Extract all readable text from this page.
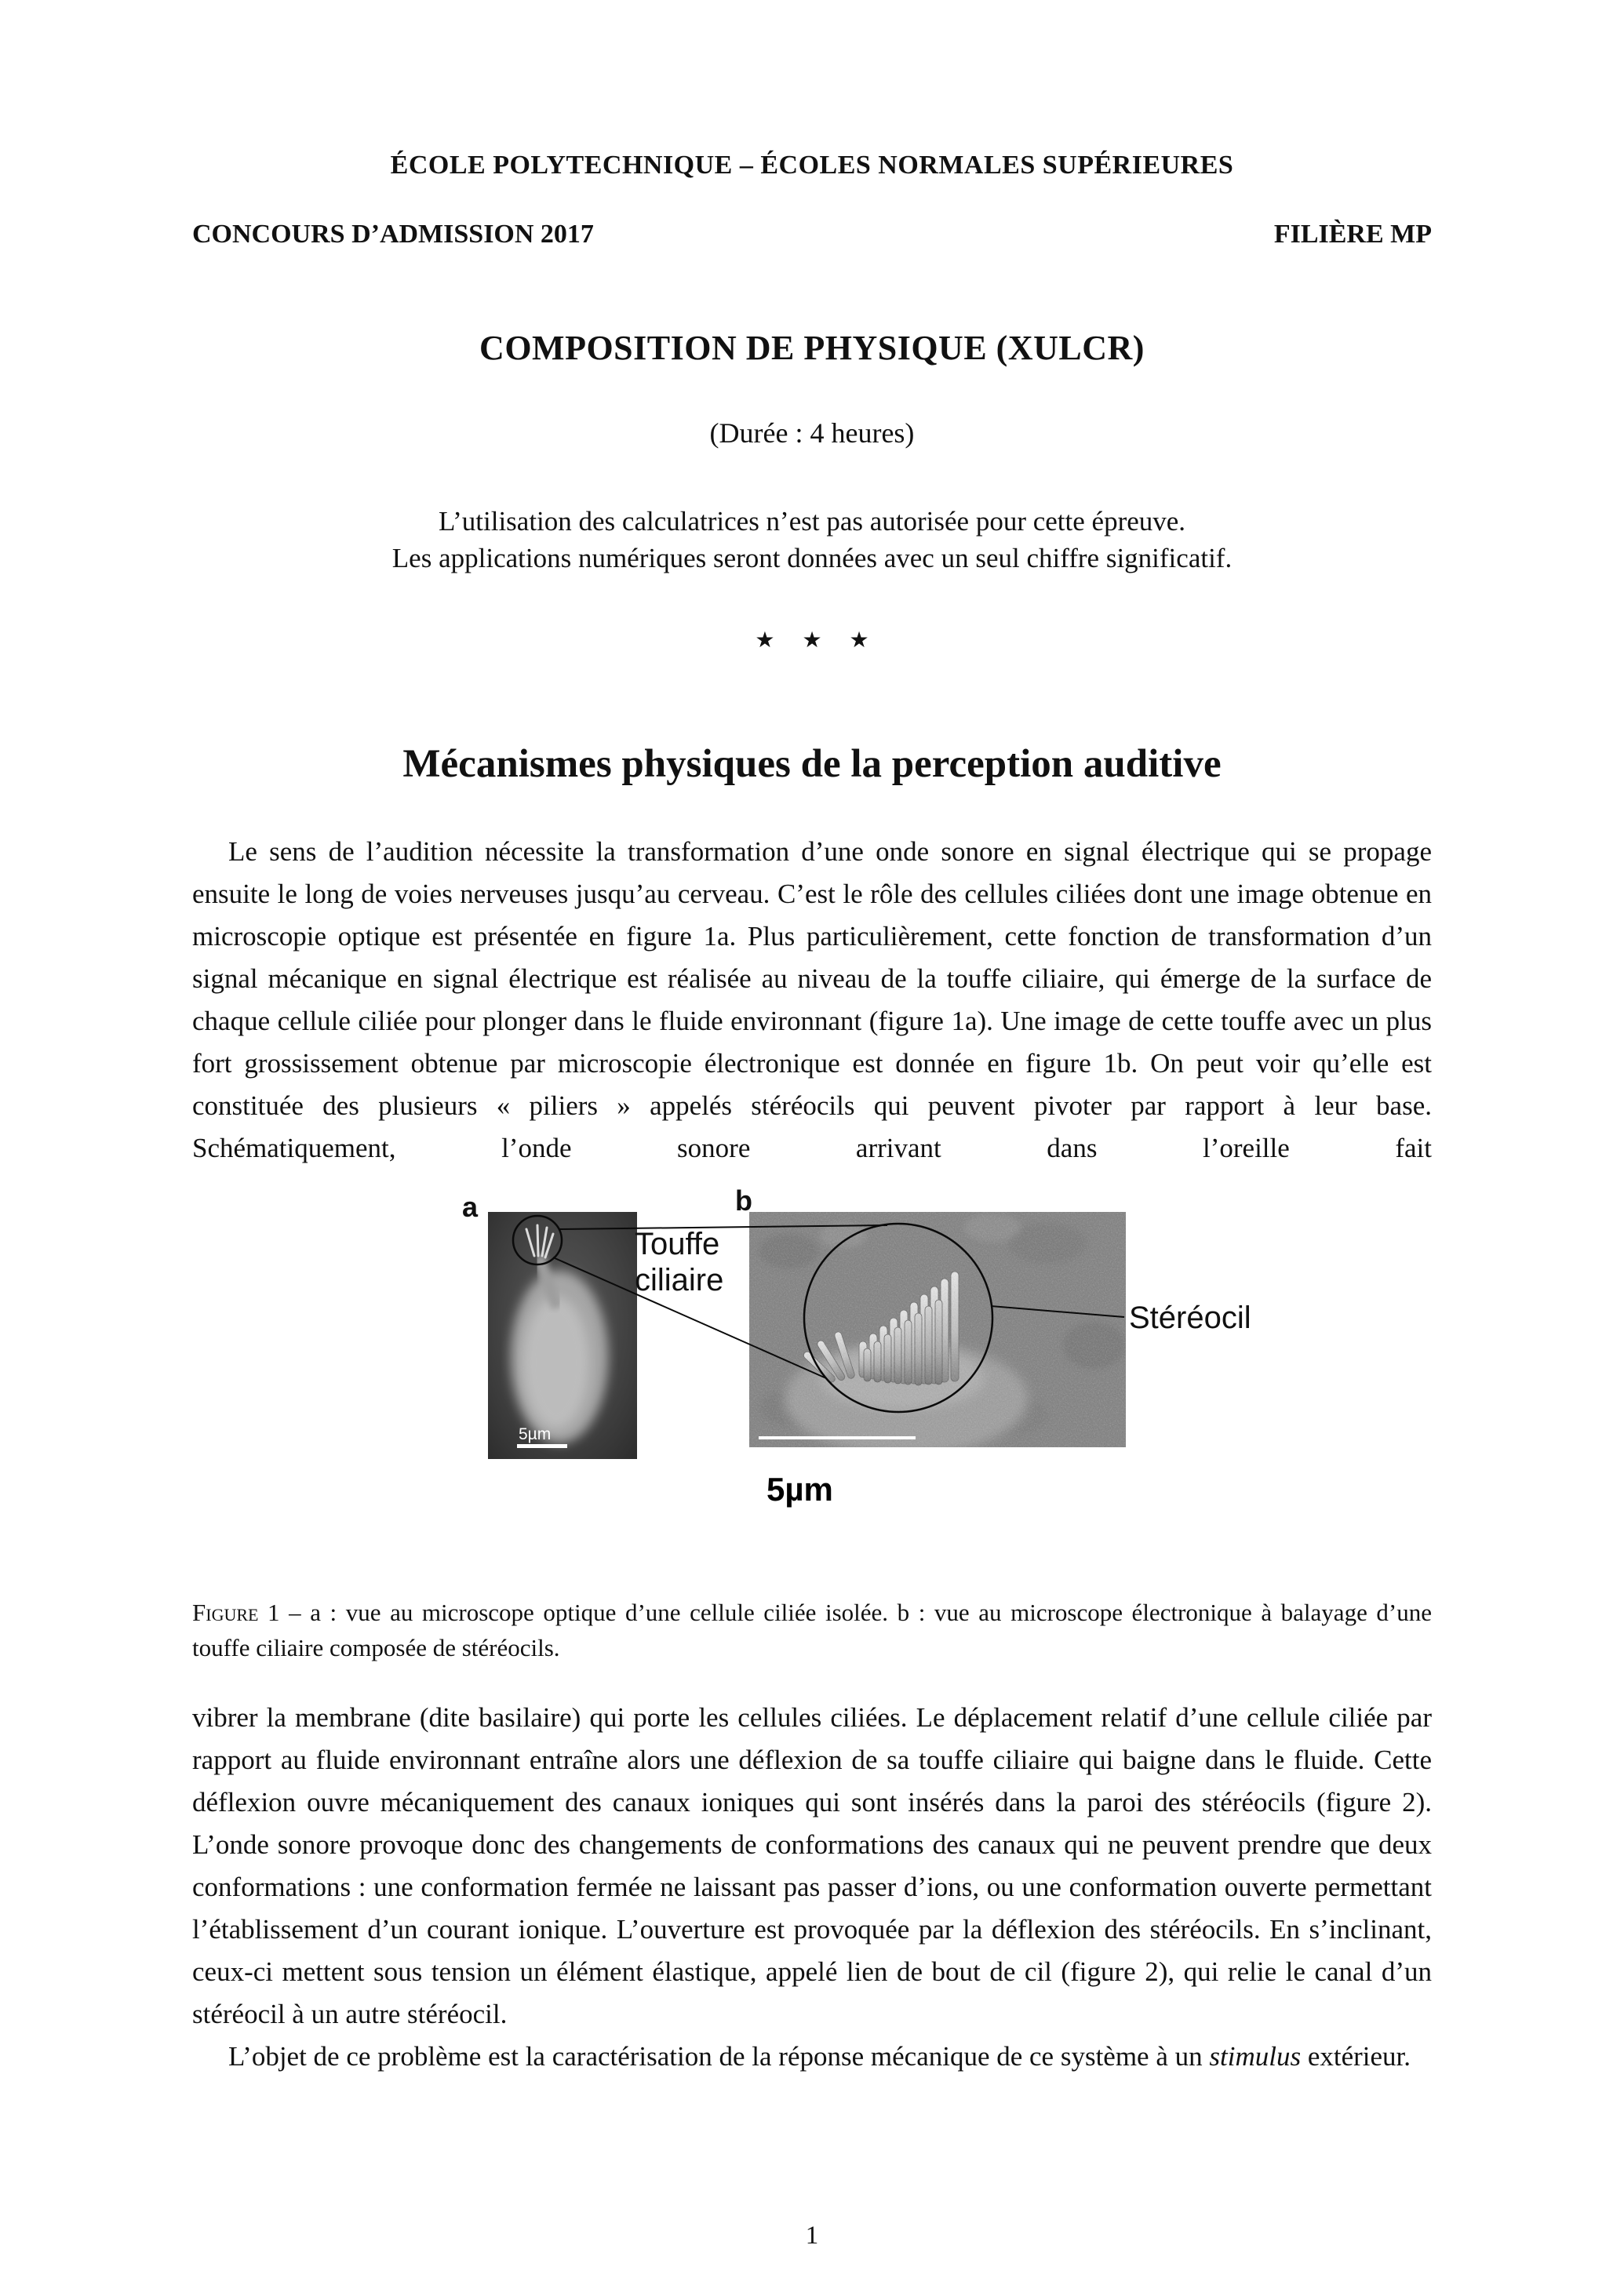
ÉCOLE POLYTECHNIQUE – ÉCOLES NORMALES SUPÉRIEURES
CONCOURS D’ADMISSION 2017	FILIÈRE MP
COMPOSITION DE PHYSIQUE (XULCR)
(Durée : 4 heures)
L’utilisation des calculatrices n’est pas autorisée pour cette épreuve.
Les applications numériques seront données avec un seul chiffre significatif.
★ ★ ★
Mécanismes physiques de la perception auditive

Le sens de l’audition nécessite la transformation d’une onde sonore en signal électrique qui se propage ensuite le long de voies nerveuses jusqu’au cerveau. C’est le rôle des cellules ciliées dont une image obtenue en microscopie optique est présentée en figure 1a. Plus particulièrement, cette fonction de transformation d’un signal mécanique en signal électrique est réalisée au niveau de la touffe ciliaire, qui émerge de la surface de chaque cellule ciliée pour plonger dans le fluide environnant (figure 1a). Une image de cette touffe avec un plus fort grossissement obtenue par microscopie électronique est donnée en figure 1b. On peut voir qu’elle est constituée des plusieurs « piliers » appelés stéréocils qui peuvent pivoter par rapport à leur base. Schématiquement, l’onde sonore arrivant dans l’oreille fait

5µm
a	b
Touffe
ciliaire
Stéréocil
5µm

Figure 1 – a : vue au microscope optique d’une cellule ciliée isolée. b : vue au microscope électronique à balayage d’une touffe ciliaire composée de stéréocils.

vibrer la membrane (dite basilaire) qui porte les cellules ciliées. Le déplacement relatif d’une cellule ciliée par rapport au fluide environnant entraîne alors une déflexion de sa touffe ciliaire qui baigne dans le fluide. Cette déflexion ouvre mécaniquement des canaux ioniques qui sont insérés dans la paroi des stéréocils (figure 2). L’onde sonore provoque donc des changements de conformations des canaux qui ne peuvent prendre que deux conformations : une conformation fermée ne laissant pas passer d’ions, ou une conformation ouverte permettant l’établissement d’un courant ionique. L’ouverture est provoquée par la déflexion des stéréocils. En s’inclinant, ceux-ci mettent sous tension un élément élastique, appelé lien de bout de cil (figure 2), qui relie le canal d’un stéréocil à un autre stéréocil.

L’objet de ce problème est la caractérisation de la réponse mécanique de ce système à un stimulus extérieur.

1
